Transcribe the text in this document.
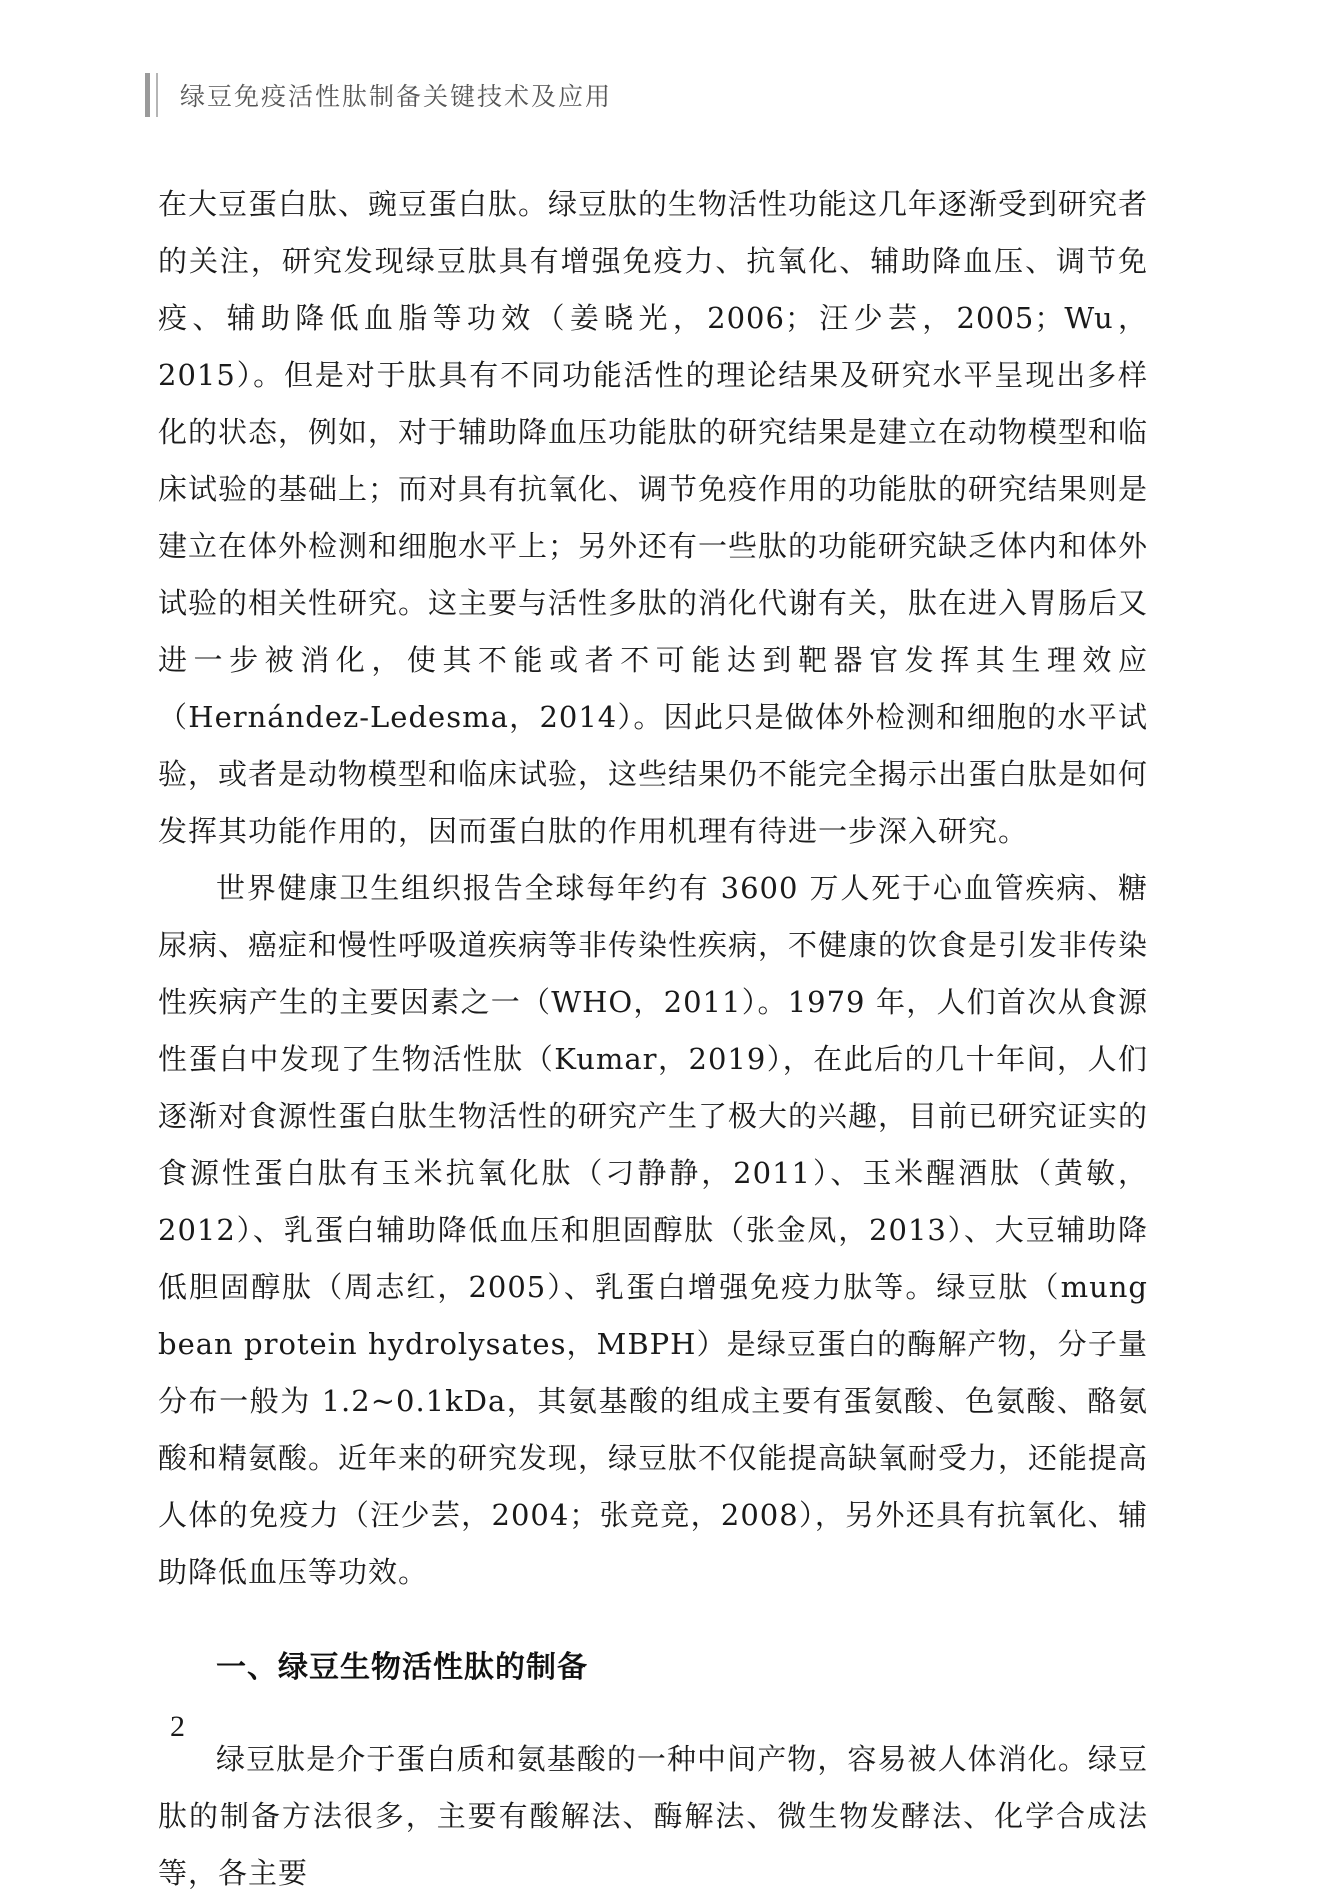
绿豆免疫活性肽制备关键技术及应用

在大豆蛋白肽、豌豆蛋白肽。绿豆肽的生物活性功能这几年逐渐受到研究者的关注，研究发现绿豆肽具有增强免疫力、抗氧化、辅助降血压、调节免疫、辅助降低血脂等功效（姜晓光，2006；汪少芸，2005；Wu，2015）。但是对于肽具有不同功能活性的理论结果及研究水平呈现出多样化的状态，例如，对于辅助降血压功能肽的研究结果是建立在动物模型和临床试验的基础上；而对具有抗氧化、调节免疫作用的功能肽的研究结果则是建立在体外检测和细胞水平上；另外还有一些肽的功能研究缺乏体内和体外试验的相关性研究。这主要与活性多肽的消化代谢有关，肽在进入胃肠后又进一步被消化，使其不能或者不可能达到靶器官发挥其生理效应（Hernández-Ledesma，2014）。因此只是做体外检测和细胞的水平试验，或者是动物模型和临床试验，这些结果仍不能完全揭示出蛋白肽是如何发挥其功能作用的，因而蛋白肽的作用机理有待进一步深入研究。

世界健康卫生组织报告全球每年约有 3600 万人死于心血管疾病、糖尿病、癌症和慢性呼吸道疾病等非传染性疾病，不健康的饮食是引发非传染性疾病产生的主要因素之一（WHO，2011）。1979 年，人们首次从食源性蛋白中发现了生物活性肽（Kumar，2019），在此后的几十年间，人们逐渐对食源性蛋白肽生物活性的研究产生了极大的兴趣，目前已研究证实的食源性蛋白肽有玉米抗氧化肽（刁静静，2011）、玉米醒酒肽（黄敏，2012）、乳蛋白辅助降低血压和胆固醇肽（张金凤，2013）、大豆辅助降低胆固醇肽（周志红，2005）、乳蛋白增强免疫力肽等。绿豆肽（mung bean protein hydrolysates，MBPH）是绿豆蛋白的酶解产物，分子量分布一般为 1.2~0.1kDa，其氨基酸的组成主要有蛋氨酸、色氨酸、酪氨酸和精氨酸。近年来的研究发现，绿豆肽不仅能提高缺氧耐受力，还能提高人体的免疫力（汪少芸，2004；张竞竞，2008），另外还具有抗氧化、辅助降低血压等功效。

一、绿豆生物活性肽的制备

绿豆肽是介于蛋白质和氨基酸的一种中间产物，容易被人体消化。绿豆肽的制备方法很多，主要有酸解法、酶解法、微生物发酵法、化学合成法等，各主要

2
